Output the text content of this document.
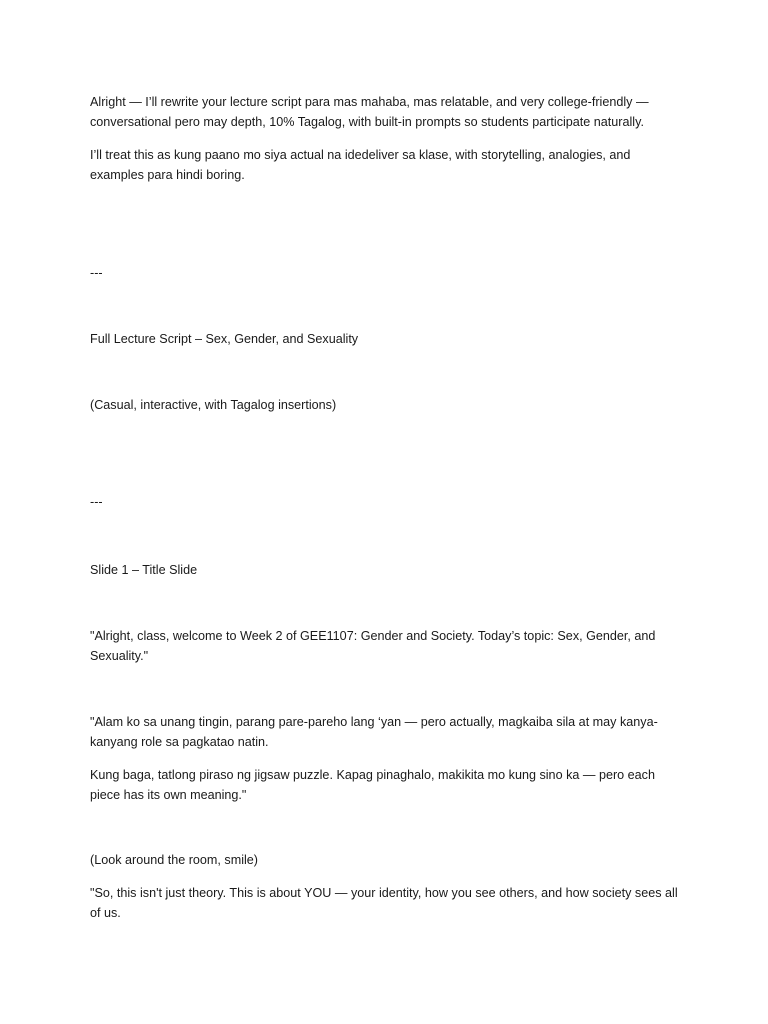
Alright — I’ll rewrite your lecture script para mas mahaba, mas relatable, and very college-friendly — conversational pero may depth, 10% Tagalog, with built-in prompts so students participate naturally.

I’ll treat this as kung paano mo siya actual na idedeliver sa klase, with storytelling, analogies, and examples para hindi boring.

---

Full Lecture Script – Sex, Gender, and Sexuality

(Casual, interactive, with Tagalog insertions)

---

Slide 1 – Title Slide

"Alright, class, welcome to Week 2 of GEE1107: Gender and Society. Today’s topic: Sex, Gender, and Sexuality."

"Alam ko sa unang tingin, parang pare-pareho lang ‘yan — pero actually, magkaiba sila at may kanya-kanyang role sa pagkatao natin.

Kung baga, tatlong piraso ng jigsaw puzzle. Kapag pinaghalo, makikita mo kung sino ka — pero each piece has its own meaning."

(Look around the room, smile)

"So, this isn't just theory. This is about YOU — your identity, how you see others, and how society sees all of us.
